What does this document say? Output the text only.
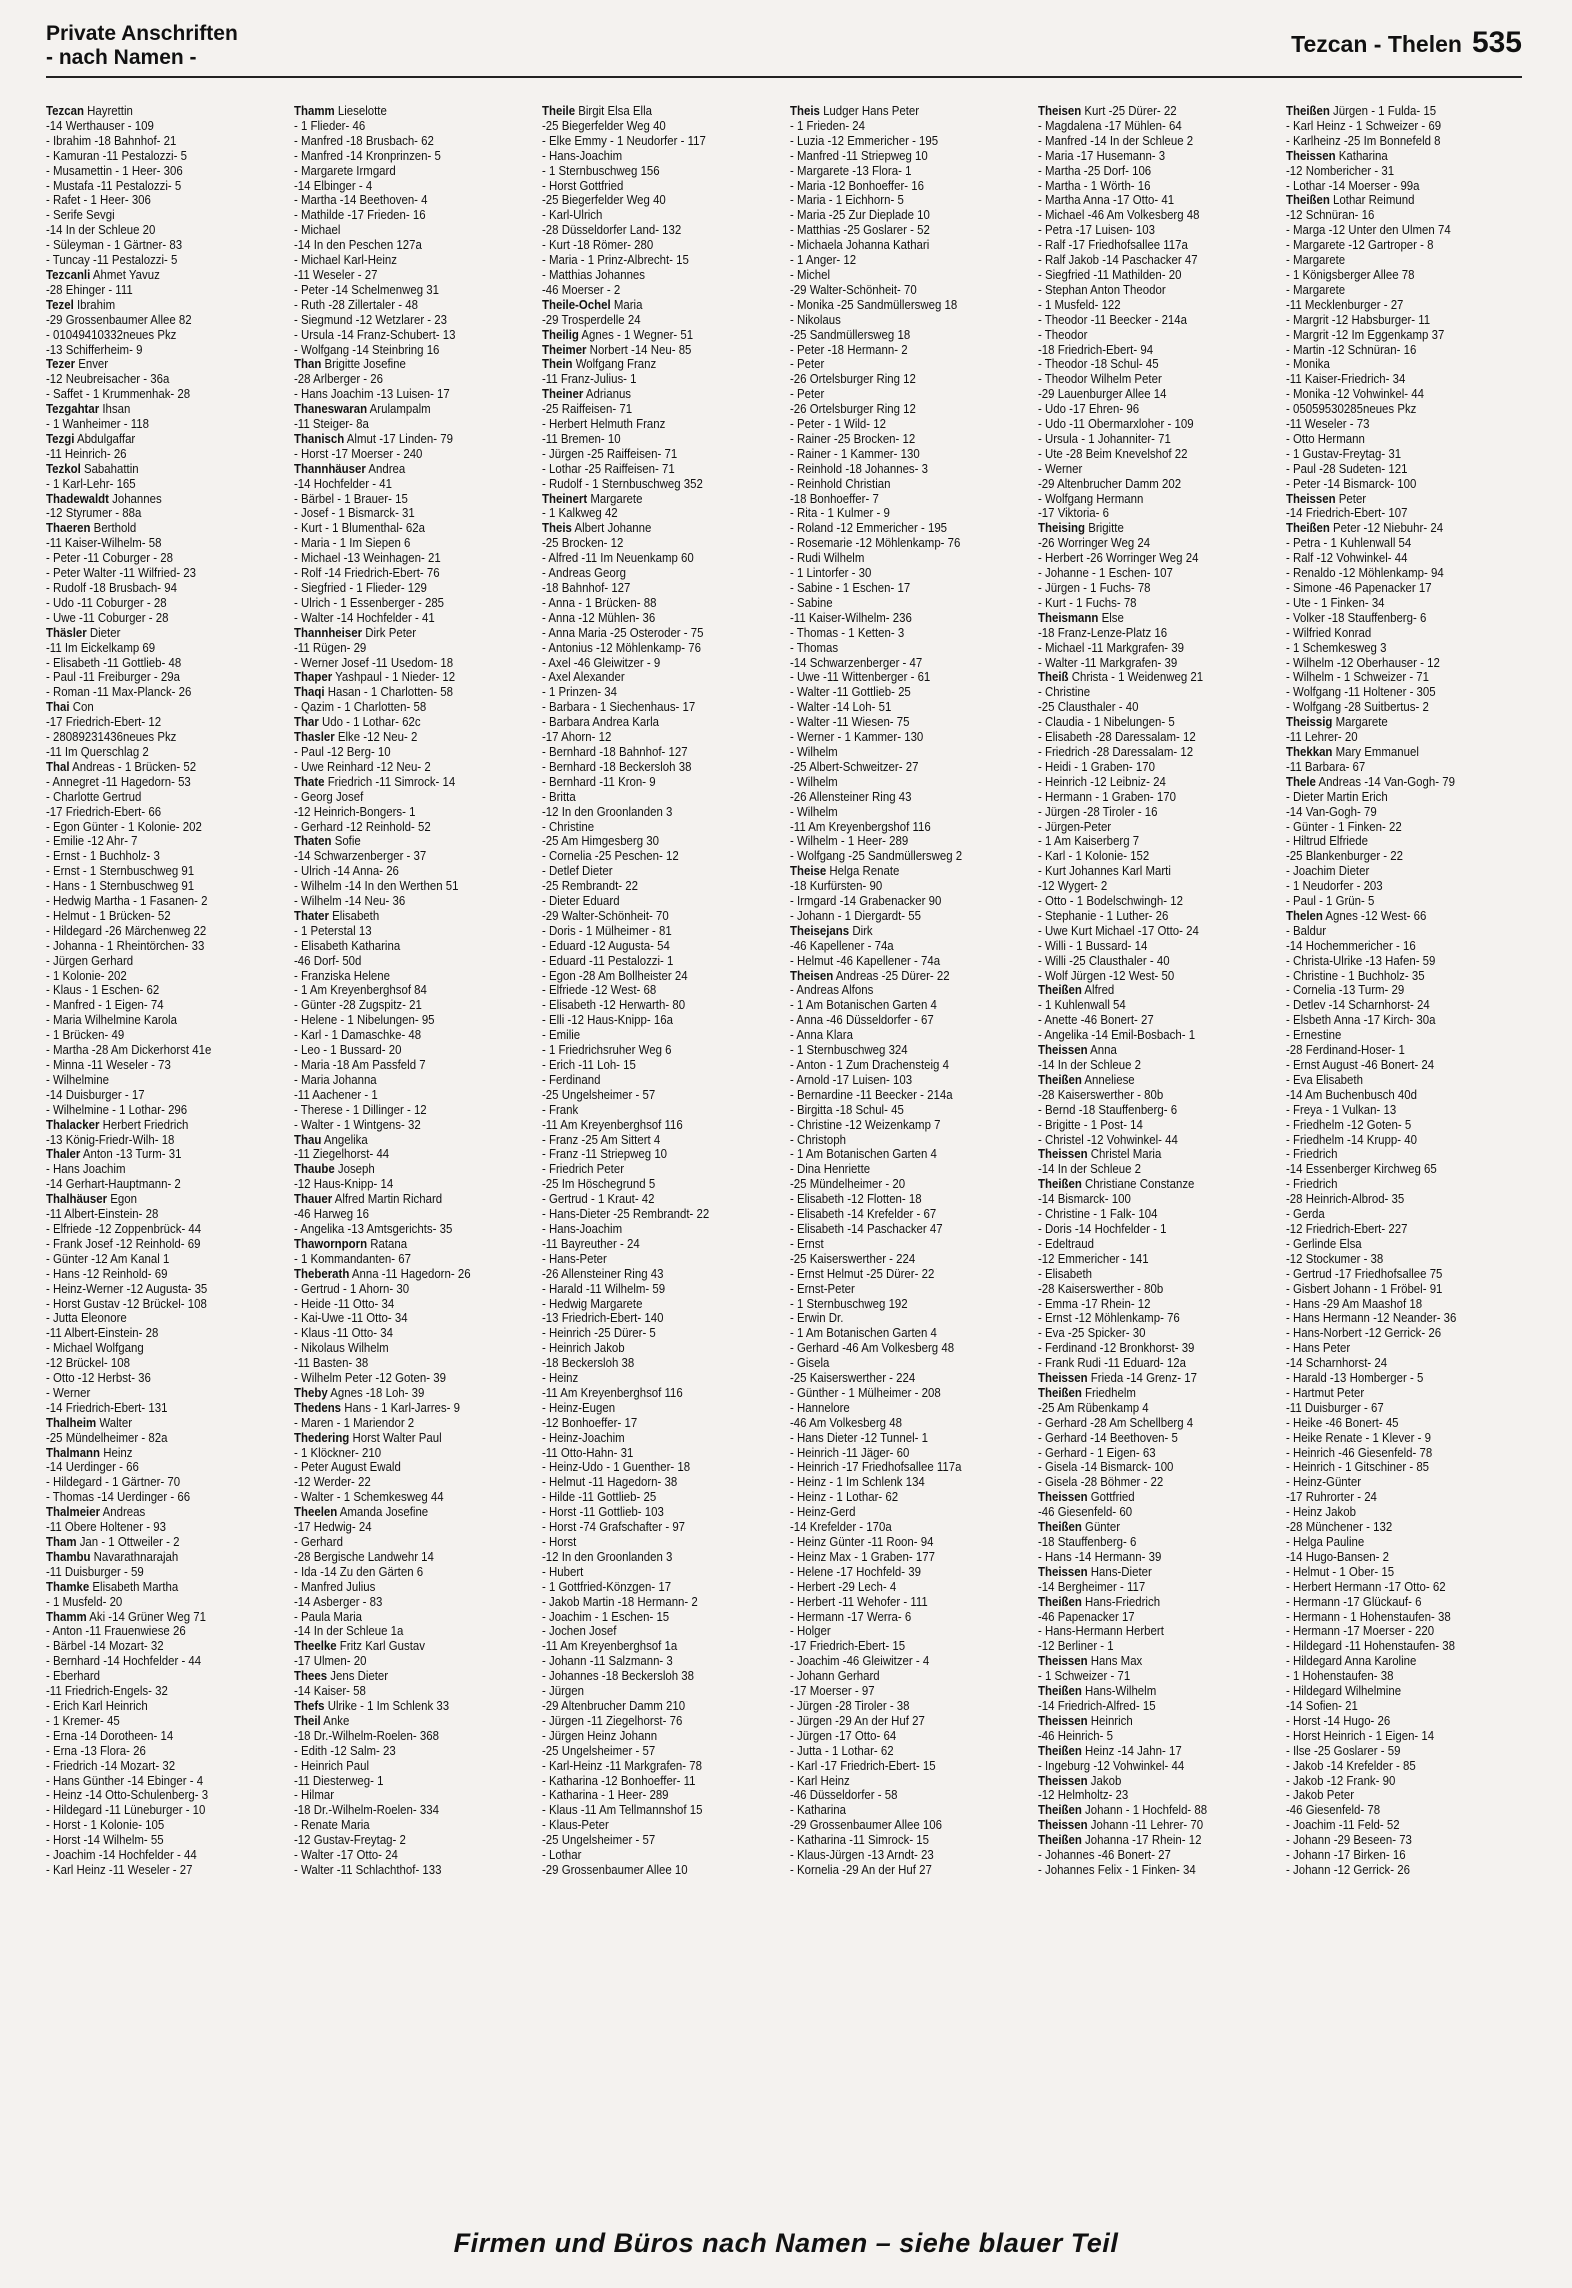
Private Anschriften
- nach Namen -
Tezcan - Thelen 535
Tezcan Hayrettin
-14 Werthauser - 109
- Ibrahim -18 Bahnhof- 21
- Kamuran -11 Pestalozzi- 5
- Musamettin - 1 Heer- 306
- Mustafa -11 Pestalozzi- 5
- Rafet - 1 Heer- 306
- Serife Sevgi
-14 In der Schleue 20
- Süleyman - 1 Gärtner- 83
- Tuncay -11 Pestalozzi- 5
Tezcanli Ahmet Yavuz
-28 Ehinger - 111
Tezel Ibrahim
-29 Grossenbaumer Allee 82
- 01049410332neues Pkz
-13 Schifferheim- 9
Tezer Enver
-12 Neubreisacher - 36a
- Saffet - 1 Krummenhak- 28
Tezgahtar Ihsan
- 1 Wanheimer - 118
Tezgi Abdulgaffar
-11 Heinrich- 26
Tezkol Sabahattin
- 1 Karl-Lehr- 165
Thadewaldt Johannes
-12 Styrumer - 88a
Thaeren Berthold
-11 Kaiser-Wilhelm- 58
- Peter -11 Coburger - 28
- Peter Walter -11 Wilfried- 23
- Rudolf -18 Brusbach- 94
- Udo -11 Coburger - 28
- Uwe -11 Coburger - 28
Thäsler Dieter
-11 Im Eickelkamp 69
- Elisabeth -11 Gottlieb- 48
- Paul -11 Freiburger - 29a
- Roman -11 Max-Planck- 26
Thai Con
-17 Friedrich-Ebert- 12
- 28089231436neues Pkz
-11 Im Querschlag 2
Thal Andreas - 1 Brücken- 52
- Annegret -11 Hagedorn- 53
- Charlotte Gertrud
-17 Friedrich-Ebert- 66
- Egon Günter - 1 Kolonie- 202
- Emilie -12 Ahr- 7
- Ernst - 1 Buchholz- 3
- Ernst - 1 Sternbuschweg 91
- Hans - 1 Sternbuschweg 91
- Hedwig Martha - 1 Fasanen- 2
- Helmut - 1 Brücken- 52
- Hildegard -26 Märchenweg 22
- Johanna - 1 Rheintörchen- 33
- Jürgen Gerhard
- 1 Kolonie- 202
- Klaus - 1 Eschen- 62
- Manfred - 1 Eigen- 74
- Maria Wilhelmine Karola
- 1 Brücken- 49
- Martha -28 Am Dickerhorst 41e
- Minna -11 Weseler - 73
- Wilhelmine
-14 Duisburger - 17
- Wilhelmine - 1 Lothar- 296
Thalacker Herbert Friedrich
-13 König-Friedr-Wilh- 18
Thaler Anton -13 Turm- 31
- Hans Joachim
-14 Gerhart-Hauptmann- 2
Thalhäuser Egon
-11 Albert-Einstein- 28
- Elfriede -12 Zoppenbrück- 44
- Frank Josef -12 Reinhold- 69
- Günter -12 Am Kanal 1
- Hans -12 Reinhold- 69
- Heinz-Werner -12 Augusta- 35
- Horst Gustav -12 Brückel- 108
- Jutta Eleonore
-11 Albert-Einstein- 28
- Michael Wolfgang
-12 Brückel- 108
- Otto -12 Herbst- 36
- Werner
-14 Friedrich-Ebert- 131
Thalheim Walter
-25 Mündelheimer - 82a
Thalmann Heinz
-14 Uerdinger - 66
- Hildegard - 1 Gärtner- 70
- Thomas -14 Uerdinger - 66
Thalmeier Andreas
-11 Obere Holtener - 93
Tham Jan - 1 Ottweiler - 2
Thambu Navarathnarajah
-11 Duisburger - 59
Thamke Elisabeth Martha
- 1 Musfeld- 20
Thamm Aki -14 Grüner Weg 71
- Anton -11 Frauenwiese 26
- Bärbel -14 Mozart- 32
- Bernhard -14 Hochfelder - 44
- Eberhard
-11 Friedrich-Engels- 32
- Erich Karl Heinrich
- 1 Kremer- 45
- Erna -14 Dorotheen- 14
- Erna -13 Flora- 26
- Friedrich -14 Mozart- 32
- Hans Günther -14 Ebinger - 4
- Heinz -14 Otto-Schulenberg- 3
- Hildegard -11 Lüneburger - 10
- Horst - 1 Kolonie- 105
- Horst -14 Wilhelm- 55
- Joachim -14 Hochfelder - 44
- Karl Heinz -11 Weseler - 27
Thamm Lieselotte
- 1 Flieder- 46
- Manfred -18 Brusbach- 62
- Manfred -14 Kronprinzen- 5
- Margarete Irmgard
-14 Elbinger - 4
- Martha -14 Beethoven- 4
- Mathilde -17 Frieden- 16
- Michael
-14 In den Peschen 127a
- Michael Karl-Heinz
-11 Weseler - 27
- Peter -14 Schelmenweg 31
- Ruth -28 Zillertaler - 48
- Siegmund -12 Wetzlarer - 23
- Ursula -14 Franz-Schubert- 13
- Wolfgang -14 Steinbring 16
Than Brigitte Josefine
-28 Arlberger - 26
- Hans Joachim -13 Luisen- 17
Thaneswaran Arulampalm
-11 Steiger- 8a
Thanisch Almut -17 Linden- 79
- Horst -17 Moerser - 240
Thannhäuser Andrea
-14 Hochfelder - 41
- Bärbel - 1 Brauer- 15
- Josef - 1 Bismarck- 31
- Kurt - 1 Blumenthal- 62a
- Maria - 1 Im Siepen 6
- Michael -13 Weinhagen- 21
- Rolf -14 Friedrich-Ebert- 76
- Siegfried - 1 Flieder- 129
- Ulrich - 1 Essenberger - 285
- Walter -14 Hochfelder - 41
Thannheiser Dirk Peter
-11 Rügen- 29
- Werner Josef -11 Usedom- 18
Thaper Yashpaul - 1 Nieder- 12
Thaqi Hasan - 1 Charlotten- 58
- Qazim - 1 Charlotten- 58
Thar Udo - 1 Lothar- 62c
Thasler Elke -12 Neu- 2
- Paul -12 Berg- 10
- Uwe Reinhard -12 Neu- 2
Thate Friedrich -11 Simrock- 14
- Georg Josef
-12 Heinrich-Bongers- 1
- Gerhard -12 Reinhold- 52
Thaten Sofie
-14 Schwarzenberger - 37
- Ulrich -14 Anna- 26
- Wilhelm -14 In den Werthen 51
- Wilhelm -14 Neu- 36
Thater Elisabeth
- 1 Peterstal 13
- Elisabeth Katharina
-46 Dorf- 50d
- Franziska Helene
- 1 Am Kreyenberghsof 84
- Günter -28 Zugspitz- 21
- Helene - 1 Nibelungen- 95
- Karl - 1 Damaschke- 48
- Leo - 1 Bussard- 20
- Maria -18 Am Passfeld 7
- Maria Johanna
-11 Aachener - 1
- Therese - 1 Dillinger - 12
- Walter - 1 Wintgens- 32
Thau Angelika
-11 Ziegelhorst- 44
Thaube Joseph
-12 Haus-Knipp- 14
Thauer Alfred Martin Richard
-46 Harweg 16
- Angelika -13 Amtsgerichts- 35
Thawornporn Ratana
- 1 Kommandanten- 67
Theberath Anna -11 Hagedorn- 26
- Gertrud - 1 Ahorn- 30
- Heide -11 Otto- 34
- Kai-Uwe -11 Otto- 34
- Klaus -11 Otto- 34
- Nikolaus Wilhelm
-11 Basten- 38
- Wilhelm Peter -12 Goten- 39
Theby Agnes -18 Loh- 39
Thedens Hans - 1 Karl-Jarres- 9
- Maren - 1 Mariendor 2
Thedering Horst Walter Paul
- 1 Klöckner- 210
- Peter August Ewald
-12 Werder- 22
- Walter - 1 Schemkesweg 44
Theelen Amanda Josefine
-17 Hedwig- 24
- Gerhard
-28 Bergische Landwehr 14
- Ida -14 Zu den Gärten 6
- Manfred Julius
-14 Asberger - 83
- Paula Maria
-14 In der Schleue 1a
Theelke Fritz Karl Gustav
-17 Ulmen- 20
Thees Jens Dieter
-14 Kaiser- 58
Thefs Ulrike - 1 Im Schlenk 33
Theil Anke
-18 Dr.-Wilhelm-Roelen- 368
- Edith -12 Salm- 23
- Heinrich Paul
-11 Diesterweg- 1
- Hilmar
-18 Dr.-Wilhelm-Roelen- 334
- Renate Maria
-12 Gustav-Freytag- 2
- Walter -17 Otto- 24
- Walter -11 Schlachthof- 133
Theile Birgit Elsa Ella
-25 Biegerfelder Weg 40
- Elke Emmy - 1 Neudorfer - 117
- Hans-Joachim
- 1 Sternbuschweg 156
- Horst Gottfried
-25 Biegerfelder Weg 40
- Karl-Ulrich
-28 Düsseldorfer Land- 132
- Kurt -18 Römer- 280
- Maria - 1 Prinz-Albrecht- 15
- Matthias Johannes
-46 Moerser - 2
Theile-Ochel Maria
-29 Trosperdelle 24
Theilig Agnes - 1 Wegner- 51
Theimer Norbert -14 Neu- 85
Thein Wolfgang Franz
-11 Franz-Julius- 1
Theiner Adrianus
-25 Raiffeisen- 71
- Herbert Helmuth Franz
-11 Bremen- 10
- Jürgen -25 Raiffeisen- 71
- Lothar -25 Raiffeisen- 71
- Rudolf - 1 Sternbuschweg 352
Theinert Margarete
- 1 Kalkweg 42
Theis Albert Johanne
-25 Brocken- 12
- Alfred -11 Im Neuenkamp 60
- Andreas Georg
-18 Bahnhof- 127
- Anna - 1 Brücken- 88
- Anna -12 Mühlen- 36
- Anna Maria -25 Osteroder - 75
- Antonius -12 Möhlenkamp- 76
- Axel -46 Gleiwitzer - 9
- Axel Alexander
- 1 Prinzen- 34
- Barbara - 1 Siechenhaus- 17
- Barbara Andrea Karla
-17 Ahorn- 12
- Bernhard -18 Bahnhof- 127
- Bernhard -18 Beckersloh 38
- Bernhard -11 Kron- 9
- Britta
-12 In den Groonlanden 3
- Christine
-25 Am Himgesberg 30
- Cornelia -25 Peschen- 12
- Detlef Dieter
-25 Rembrandt- 22
- Dieter Eduard
-29 Walter-Schönheit- 70
- Doris - 1 Mülheimer - 81
- Eduard -12 Augusta- 54
- Eduard -11 Pestalozzi- 1
- Egon -28 Am Bollheister 24
- Elfriede -12 West- 68
- Elisabeth -12 Herwarth- 80
- Elli -12 Haus-Knipp- 16a
- Emilie
- 1 Friedrichsruher Weg 6
- Erich -11 Loh- 15
- Ferdinand
-25 Ungelsheimer - 57
- Frank
-11 Am Kreyenberghsof 116
- Franz -25 Am Sittert 4
- Franz -11 Striepweg 10
- Friedrich Peter
-25 Im Höschegrund 5
- Gertrud - 1 Kraut- 42
- Hans-Dieter -25 Rembrandt- 22
- Hans-Joachim
-11 Bayreuther - 24
- Hans-Peter
-26 Allensteiner Ring 43
- Harald -11 Wilhelm- 59
- Hedwig Margarete
-13 Friedrich-Ebert- 140
- Heinrich -25 Dürer- 5
- Heinrich Jakob
-18 Beckersloh 38
- Heinz
-11 Am Kreyenberghsof 116
- Heinz-Eugen
-12 Bonhoeffer- 17
- Heinz-Joachim
-11 Otto-Hahn- 31
- Heinz-Udo - 1 Guenther- 18
- Helmut -11 Hagedorn- 38
- Hilde -11 Gottlieb- 25
- Horst -11 Gottlieb- 103
- Horst -74 Grafschafter - 97
- Horst
-12 In den Groonlanden 3
- Hubert
- 1 Gottfried-Könzgen- 17
- Jakob Martin -18 Hermann- 2
- Joachim - 1 Eschen- 15
- Jochen Josef
-11 Am Kreyenberghsof 1a
- Johann -11 Salzmann- 3
- Johannes -18 Beckersloh 38
- Jürgen
-29 Altenbrucher Damm 210
- Jürgen -11 Ziegelhorst- 76
- Jürgen Heinz Johann
-25 Ungelsheimer - 57
- Karl-Heinz -11 Markgrafen- 78
- Katharina -12 Bonhoeffer- 11
- Katharina - 1 Heer- 289
- Klaus -11 Am Tellmannshof 15
- Klaus-Peter
-25 Ungelsheimer - 57
- Lothar
-29 Grossenbaumer Allee 10
Theis Ludger Hans Peter
- 1 Frieden- 24
- Luzia -12 Emmericher - 195
- Manfred -11 Striepweg 10
- Margarete -13 Flora- 1
- Maria -12 Bonhoeffer- 16
- Maria - 1 Eichhorn- 5
- Maria -25 Zur Dieplade 10
- Matthias -25 Goslarer - 52
- Michaela Johanna Kathari
- 1 Anger- 12
- Michel
-29 Walter-Schönheit- 70
- Monika -25 Sandmüllersweg 18
- Nikolaus
-25 Sandmüllersweg 18
- Peter -18 Hermann- 2
- Peter
-26 Ortelsburger Ring 12
- Peter
-26 Ortelsburger Ring 12
- Peter - 1 Wild- 12
- Rainer -25 Brocken- 12
- Rainer - 1 Kammer- 130
- Reinhold -18 Johannes- 3
- Reinhold Christian
-18 Bonhoeffer- 7
- Rita - 1 Kulmer - 9
- Roland -12 Emmericher - 195
- Rosemarie -12 Möhlenkamp- 76
- Rudi Wilhelm
- 1 Lintorfer - 30
- Sabine - 1 Eschen- 17
- Sabine
-11 Kaiser-Wilhelm- 236
- Thomas - 1 Ketten- 3
- Thomas
-14 Schwarzenberger - 47
- Uwe -11 Wittenberger - 61
- Walter -11 Gottlieb- 25
- Walter -14 Loh- 51
- Walter -11 Wiesen- 75
- Werner - 1 Kammer- 130
- Wilhelm
-25 Albert-Schweitzer- 27
- Wilhelm
-26 Allensteiner Ring 43
- Wilhelm
-11 Am Kreyenbergshof 116
- Wilhelm - 1 Heer- 289
- Wolfgang -25 Sandmüllersweg 2
Theise Helga Renate
-18 Kurfürsten- 90
- Irmgard -14 Grabenacker 90
- Johann - 1 Diergardt- 55
Theisejans Dirk
-46 Kapellener - 74a
- Helmut -46 Kapellener - 74a
Theisen Andreas -25 Dürer- 22
- Andreas Alfons
- 1 Am Botanischen Garten 4
- Anna -46 Düsseldorfer - 67
- Anna Klara
- 1 Sternbuschweg 324
- Anton - 1 Zum Drachensteig 4
- Arnold -17 Luisen- 103
- Bernardine -11 Beecker - 214a
- Birgitta -18 Schul- 45
- Christine -12 Weizenkamp 7
- Christoph
- 1 Am Botanischen Garten 4
- Dina Henriette
-25 Mündelheimer - 20
- Elisabeth -12 Flotten- 18
- Elisabeth -14 Krefelder - 67
- Elisabeth -14 Paschacker 47
- Ernst
-25 Kaiserswerther - 224
- Ernst Helmut -25 Dürer- 22
- Ernst-Peter
- 1 Sternbuschweg 192
- Erwin Dr.
- 1 Am Botanischen Garten 4
- Gerhard -46 Am Volkesberg 48
- Gisela
-25 Kaiserswerther - 224
- Günther - 1 Mülheimer - 208
- Hannelore
-46 Am Volkesberg 48
- Hans Dieter -12 Tunnel- 1
- Heinrich -11 Jäger- 60
- Heinrich -17 Friedhofsallee 117a
- Heinz - 1 Im Schlenk 134
- Heinz - 1 Lothar- 62
- Heinz-Gerd
-14 Krefelder - 170a
- Heinz Günter -11 Roon- 94
- Heinz Max - 1 Graben- 177
- Helene -17 Hochfeld- 39
- Herbert -29 Lech- 4
- Herbert -11 Wehofer - 111
- Hermann -17 Werra- 6
- Holger
-17 Friedrich-Ebert- 15
- Joachim -46 Gleiwitzer - 4
- Johann Gerhard
-17 Moerser - 97
- Jürgen -28 Tiroler - 38
- Jürgen -29 An der Huf 27
- Jürgen -17 Otto- 64
- Jutta - 1 Lothar- 62
- Karl -17 Friedrich-Ebert- 15
- Karl Heinz
-46 Düsseldorfer - 58
- Katharina
-29 Grossenbaumer Allee 106
- Katharina -11 Simrock- 15
- Klaus-Jürgen -13 Arndt- 23
- Kornelia -29 An der Huf 27
Theisen Kurt -25 Dürer- 22
- Magdalena -17 Mühlen- 64
- Manfred -14 In der Schleue 2
- Maria -17 Husemann- 3
- Martha -25 Dorf- 106
- Martha - 1 Wörth- 16
- Martha Anna -17 Otto- 41
- Michael -46 Am Volkesberg 48
- Petra -17 Luisen- 103
- Ralf -17 Friedhofsallee 117a
- Ralf Jakob -14 Paschacker 47
- Siegfried -11 Mathilden- 20
- Stephan Anton Theodor
- 1 Musfeld- 122
- Theodor -11 Beecker - 214a
- Theodor
-18 Friedrich-Ebert- 94
- Theodor -18 Schul- 45
- Theodor Wilhelm Peter
-29 Lauenburger Allee 14
- Udo -17 Ehren- 96
- Udo -11 Obermarxloher - 109
- Ursula - 1 Johanniter- 71
- Ute -28 Beim Knevelshof 22
- Werner
-29 Altenbrucher Damm 202
- Wolfgang Hermann
-17 Viktoria- 6
Theising Brigitte
-26 Worringer Weg 24
- Herbert -26 Worringer Weg 24
- Johanne - 1 Eschen- 107
- Jürgen - 1 Fuchs- 78
- Kurt - 1 Fuchs- 78
Theismann Else
-18 Franz-Lenze-Platz 16
- Michael -11 Markgrafen- 39
- Walter -11 Markgrafen- 39
Theiß Christa - 1 Weidenweg 21
- Christine
-25 Clausthaler - 40
- Claudia - 1 Nibelungen- 5
- Elisabeth -28 Daressalam- 12
- Friedrich -28 Daressalam- 12
- Heidi - 1 Graben- 170
- Heinrich -12 Leibniz- 24
- Hermann - 1 Graben- 170
- Jürgen -28 Tiroler - 16
- Jürgen-Peter
- 1 Am Kaiserberg 7
- Karl - 1 Kolonie- 152
- Kurt Johannes Karl Marti
-12 Wygert- 2
- Otto - 1 Bodelschwingh- 12
- Stephanie - 1 Luther- 26
- Uwe Kurt Michael -17 Otto- 24
- Willi - 1 Bussard- 14
- Willi -25 Clausthaler - 40
- Wolf Jürgen -12 West- 50
Theißen Alfred
- 1 Kuhlenwall 54
- Anette -46 Bonert- 27
- Angelika -14 Emil-Bosbach- 1
Theissen Anna
-14 In der Schleue 2
Theißen Anneliese
-28 Kaiserswerther - 80b
- Bernd -18 Stauffenberg- 6
- Brigitte - 1 Post- 14
- Christel -12 Vohwinkel- 44
Theissen Christel Maria
-14 In der Schleue 2
Theißen Christiane Constanze
-14 Bismarck- 100
- Christine - 1 Falk- 104
- Doris -14 Hochfelder - 1
- Edeltraud
-12 Emmericher - 141
- Elisabeth
-28 Kaiserswerther - 80b
- Emma -17 Rhein- 12
- Ernst -12 Möhlenkamp- 76
- Eva -25 Spicker- 30
- Ferdinand -12 Bronkhorst- 39
- Frank Rudi -11 Eduard- 12a
Theissen Frieda -14 Grenz- 17
Theißen Friedhelm
-25 Am Rübenkamp 4
- Gerhard -28 Am Schellberg 4
- Gerhard -14 Beethoven- 5
- Gerhard - 1 Eigen- 63
- Gisela -14 Bismarck- 100
- Gisela -28 Böhmer - 22
Theissen Gottfried
-46 Giesenfeld- 60
Theißen Günter
-18 Stauffenberg- 6
- Hans -14 Hermann- 39
Theissen Hans-Dieter
-14 Bergheimer - 117
Theißen Hans-Friedrich
-46 Papenacker 17
- Hans-Hermann Herbert
-12 Berliner - 1
Theissen Hans Max
- 1 Schweizer - 71
Theißen Hans-Wilhelm
-14 Friedrich-Alfred- 15
Theissen Heinrich
-46 Heinrich- 5
Theißen Heinz -14 Jahn- 17
- Ingeburg -12 Vohwinkel- 44
Theissen Jakob
-12 Helmholtz- 23
Theißen Johann - 1 Hochfeld- 88
Theissen Johann -11 Lehrer- 70
Theißen Johanna -17 Rhein- 12
- Johannes -46 Bonert- 27
- Johannes Felix - 1 Finken- 34
Theißen Jürgen - 1 Fulda- 15
- Karl Heinz - 1 Schweizer - 69
- Karlheinz -25 Im Bonnefeld 8
Theissen Katharina
-12 Nombericher - 31
- Lothar -14 Moerser - 99a
Theißen Lothar Reimund
-12 Schnüran- 16
- Marga -12 Unter den Ulmen 74
- Margarete -12 Gartroper - 8
- Margarete
- 1 Königsberger Allee 78
- Margarete
-11 Mecklenburger - 27
- Margrit -12 Habsburger- 11
- Margrit -12 Im Eggenkamp 37
- Martin -12 Schnüran- 16
- Monika
-11 Kaiser-Friedrich- 34
- Monika -12 Vohwinkel- 44
- 05059530285neues Pkz
-11 Weseler - 73
- Otto Hermann
- 1 Gustav-Freytag- 31
- Paul -28 Sudeten- 121
- Peter -14 Bismarck- 100
Theissen Peter
-14 Friedrich-Ebert- 107
Theißen Peter -12 Niebuhr- 24
- Petra - 1 Kuhlenwall 54
- Ralf -12 Vohwinkel- 44
- Renaldo -12 Möhlenkamp- 94
- Simone -46 Papenacker 17
- Ute - 1 Finken- 34
- Volker -18 Stauffenberg- 6
- Wilfried Konrad
- 1 Schemkesweg 3
- Wilhelm -12 Oberhauser - 12
- Wilhelm - 1 Schweizer - 71
- Wolfgang -11 Holtener - 305
- Wolfgang -28 Suitbertus- 2
Theissig Margarete
-11 Lehrer- 20
Thekkan Mary Emmanuel
-11 Barbara- 67
Thele Andreas -14 Van-Gogh- 79
- Dieter Martin Erich
-14 Van-Gogh- 79
- Günter - 1 Finken- 22
- Hiltrud Elfriede
-25 Blankenburger - 22
- Joachim Dieter
- 1 Neudorfer - 203
- Paul - 1 Grün- 5
Thelen Agnes -12 West- 66
- Baldur
-14 Hochemmericher - 16
- Christa-Ulrike -13 Hafen- 59
- Christine - 1 Buchholz- 35
- Cornelia -13 Turm- 29
- Detlev -14 Scharnhorst- 24
- Elsbeth Anna -17 Kirch- 30a
- Ernestine
-28 Ferdinand-Hoser- 1
- Ernst August -46 Bonert- 24
- Eva Elisabeth
-14 Am Buchenbusch 40d
- Freya - 1 Vulkan- 13
- Friedhelm -12 Goten- 5
- Friedhelm -14 Krupp- 40
- Friedrich
-14 Essenberger Kirchweg 65
- Friedrich
-28 Heinrich-Albrod- 35
- Gerda
-12 Friedrich-Ebert- 227
- Gerlinde Elsa
-12 Stockumer - 38
- Gertrud -17 Friedhofsallee 75
- Gisbert Johann - 1 Fröbel- 91
- Hans -29 Am Maashof 18
- Hans Hermann -12 Neander- 36
- Hans-Norbert -12 Gerrick- 26
- Hans Peter
-14 Scharnhorst- 24
- Harald -13 Homberger - 5
- Hartmut Peter
-11 Duisburger - 67
- Heike -46 Bonert- 45
- Heike Renate - 1 Klever - 9
- Heinrich -46 Giesenfeld- 78
- Heinrich - 1 Gitschiner - 85
- Heinz-Günter
-17 Ruhrorter - 24
- Heinz Jakob
-28 Münchener - 132
- Helga Pauline
-14 Hugo-Bansen- 2
- Helmut - 1 Ober- 15
- Herbert Hermann -17 Otto- 62
- Hermann -17 Glückauf- 6
- Hermann - 1 Hohenstaufen- 38
- Hermann -17 Moerser - 220
- Hildegard -11 Hohenstaufen- 38
- Hildegard Anna Karoline
- 1 Hohenstaufen- 38
- Hildegard Wilhelmine
-14 Sofien- 21
- Horst -14 Hugo- 26
- Horst Heinrich - 1 Eigen- 14
- Ilse -25 Goslarer - 59
- Jakob -14 Krefelder - 85
- Jakob -12 Frank- 90
- Jakob Peter
-46 Giesenfeld- 78
- Joachim -11 Feld- 52
- Johann -29 Beseen- 73
- Johann -17 Birken- 16
- Johann -12 Gerrick- 26
Firmen und Büros nach Namen – siehe blauer Teil
